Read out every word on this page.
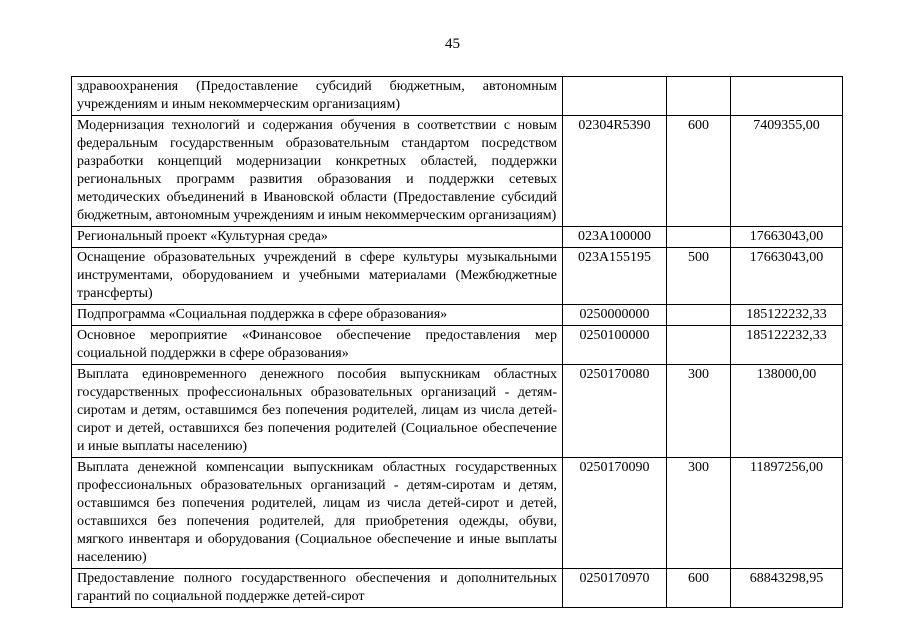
45
здравоохранения (Предоставление субсидий бюджетным, автономным учреждениям и иным некоммерческим организациям)			
Модернизация технологий и содержания обучения в соответствии с новым федеральным государственным образовательным стандартом посредством разработки концепций модернизации конкретных областей, поддержки региональных программ развития образования и поддержки сетевых методических объединений в Ивановской области (Предоставление субсидий бюджетным, автономным учреждениям и иным некоммерческим организациям)	02304R5390	600	7409355,00
Региональный проект «Культурная среда»	023A100000		17663043,00
Оснащение образовательных учреждений в сфере культуры музыкальными инструментами, оборудованием и учебными материалами (Межбюджетные трансферты)	023A155195	500	17663043,00
Подпрограмма «Социальная поддержка в сфере образования»	0250000000		185122232,33
Основное мероприятие «Финансовое обеспечение предоставления мер социальной поддержки в сфере образования»	0250100000		185122232,33
Выплата единовременного денежного пособия выпускникам областных государственных профессиональных образовательных организаций - детям-сиротам и детям, оставшимся без попечения родителей, лицам из числа детей-сирот и детей, оставшихся без попечения родителей (Социальное обеспечение и иные выплаты населению)	0250170080	300	138000,00
Выплата денежной компенсации выпускникам областных государственных профессиональных образовательных организаций - детям-сиротам и детям, оставшимся без попечения родителей, лицам из числа детей-сирот и детей, оставшихся без попечения родителей, для приобретения одежды, обуви, мягкого инвентаря и оборудования (Социальное обеспечение и иные выплаты населению)	0250170090	300	11897256,00
Предоставление полного государственного обеспечения и дополнительных гарантий по социальной поддержке детей-сирот	0250170970	600	68843298,95
